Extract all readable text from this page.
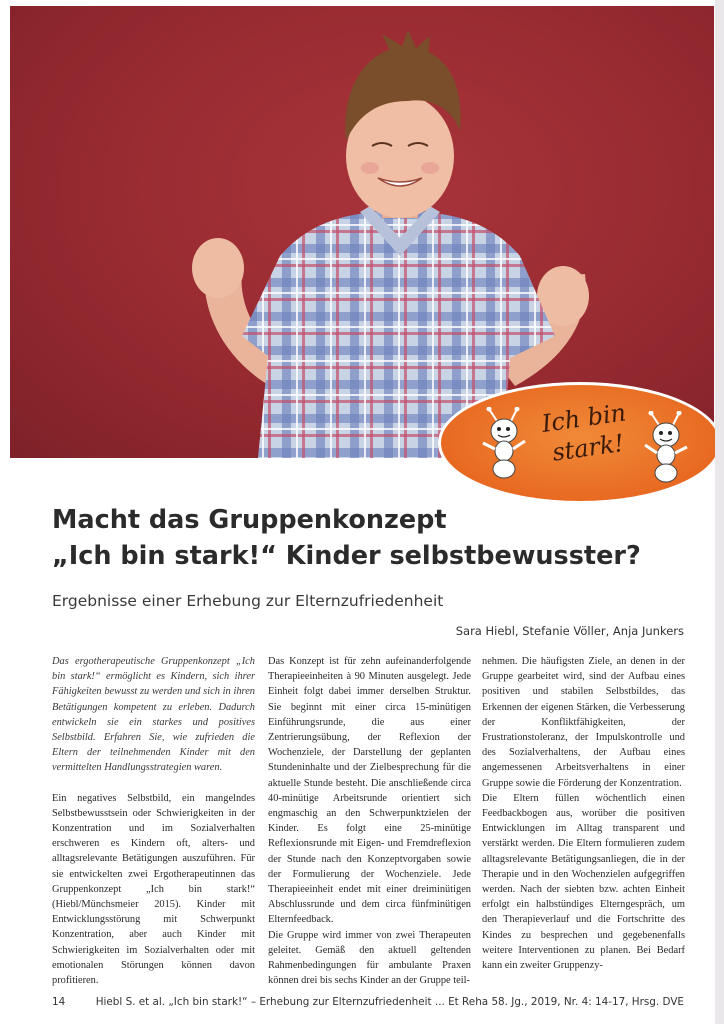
Ich bin
stark!
Macht das Gruppenkonzept
„Ich bin stark!“ Kinder selbstbewusster?
Ergebnisse einer Erhebung zur Elternzufriedenheit
Sara Hiebl, Stefanie Völler, Anja Junkers

Das ergotherapeutische Gruppenkonzept „Ich bin stark!“ ermöglicht es Kindern, sich ihrer Fähigkeiten bewusst zu werden und sich in ihren Betätigungen kompetent zu erleben. Dadurch entwickeln sie ein starkes und positives Selbstbild. Erfahren Sie, wie zufrieden die Eltern der teilnehmenden Kinder mit den vermittelten Handlungsstrategien waren.

Ein negatives Selbstbild, ein mangelndes Selbstbewusstsein oder Schwierigkeiten in der Konzentration und im Sozialverhalten erschweren es Kindern oft, alters- und alltagsrelevante Betätigungen auszuführen. Für sie entwickelten zwei Ergotherapeutinnen das Gruppenkonzept „Ich bin stark!“ (Hiebl/Münchsmeier 2015). Kinder mit Entwicklungsstörung mit Schwerpunkt Konzentration, aber auch Kinder mit Schwierigkeiten im Sozialverhalten oder mit emotionalen Störungen können davon profitieren.

Das Konzept ist für zehn aufeinanderfolgende Therapieeinheiten à 90 Minuten ausgelegt. Jede Einheit folgt dabei immer derselben Struktur. Sie beginnt mit einer circa 15-minütigen Einführungsrunde, die aus einer Zentrierungsübung, der Reflexion der Wochenziele, der Darstellung der geplanten Stundeninhalte und der Zielbesprechung für die aktuelle Stunde besteht. Die anschließende circa 40-minütige Arbeitsrunde orientiert sich engmaschig an den Schwerpunktzielen der Kinder. Es folgt eine 25-minütige Reflexionsrunde mit Eigen- und Fremdreflexion der Stunde nach den Konzeptvorgaben sowie der Formulierung der Wochenziele. Jede Therapieeinheit endet mit einer dreiminütigen Abschlussrunde und dem circa fünfminütigen Elternfeedback.

Die Gruppe wird immer von zwei Therapeuten geleitet. Gemäß den aktuell geltenden Rahmenbedingungen für ambulante Praxen können drei bis sechs Kinder an der Gruppe teil-

nehmen. Die häufigsten Ziele, an denen in der Gruppe gearbeitet wird, sind der Aufbau eines positiven und stabilen Selbstbildes, das Erkennen der eigenen Stärken, die Verbesserung der Konfliktfähigkeiten, der Frustrationstoleranz, der Impulskontrolle und des Sozialverhaltens, der Aufbau eines angemessenen Arbeitsverhaltens in einer Gruppe sowie die Förderung der Konzentration.

Die Eltern füllen wöchentlich einen Feedbackbogen aus, worüber die positiven Entwicklungen im Alltag transparent und verstärkt werden. Die Eltern formulieren zudem alltagsrelevante Betätigungsanliegen, die in der Therapie und in den Wochenzielen aufgegriffen werden. Nach der siebten bzw. achten Einheit erfolgt ein halbstündiges Elterngespräch, um den Therapieverlauf und die Fortschritte des Kindes zu besprechen und gegebenenfalls weitere Interventionen zu planen. Bei Bedarf kann ein zweiter Gruppenzy-

14	Hiebl S. et al. „Ich bin stark!“ – Erhebung zur Elternzufriedenheit ... Et Reha 58. Jg., 2019, Nr. 4: 14-17, Hrsg. DVE
